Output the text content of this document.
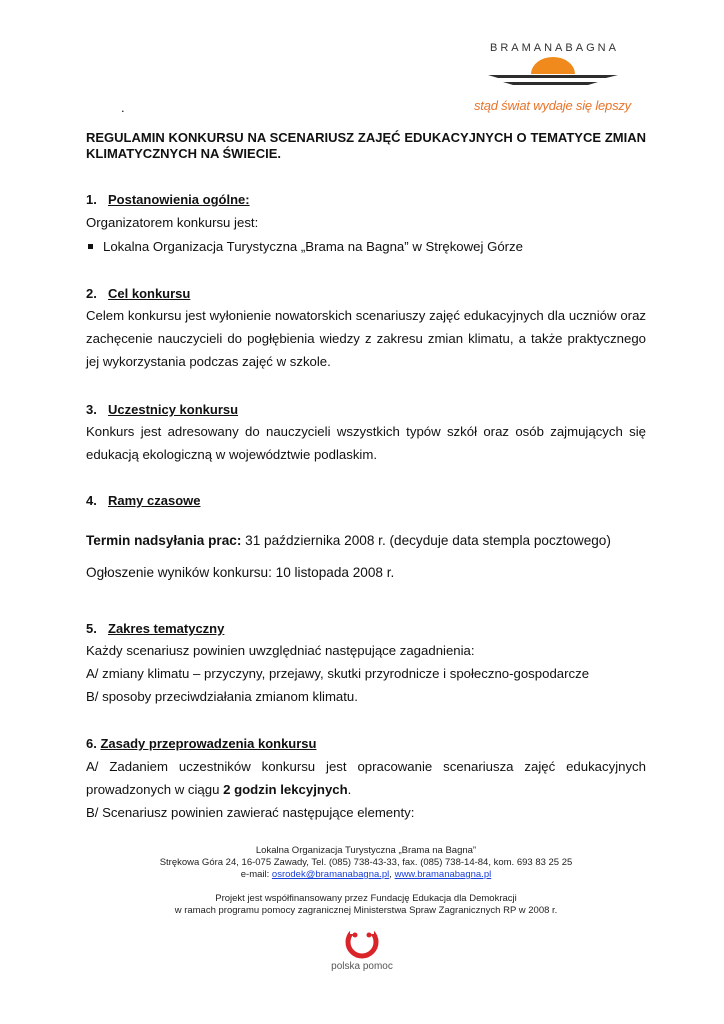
BRAMANABAGNA
stąd świat wydaje się lepszy
.
REGULAMIN KONKURSU NA SCENARIUSZ ZAJĘĆ EDUKACYJNYCH O TEMATYCE ZMIAN KLIMATYCZNYCH NA ŚWIECIE.
1. Postanowienia ogólne:
Organizatorem konkursu jest:
Lokalna Organizacja Turystyczna „Brama na Bagna” w Strękowej Górze
2. Cel konkursu
Celem konkursu jest wyłonienie nowatorskich scenariuszy zajęć edukacyjnych dla uczniów oraz zachęcenie nauczycieli do pogłębienia wiedzy z zakresu zmian klimatu, a także praktycznego jej wykorzystania podczas zajęć w szkole.
3. Uczestnicy konkursu
Konkurs jest adresowany do nauczycieli wszystkich typów szkół oraz osób zajmujących się edukacją ekologiczną w województwie podlaskim.
4. Ramy czasowe
Termin nadsyłania prac: 31 października 2008 r. (decyduje data stempla pocztowego)
Ogłoszenie wyników konkursu: 10 listopada 2008 r.
5. Zakres tematyczny
Każdy scenariusz powinien uwzględniać następujące zagadnienia:
A/ zmiany klimatu – przyczyny, przejawy, skutki przyrodnicze i społeczno-gospodarcze
B/ sposoby przeciwdziałania zmianom klimatu.
6. Zasady przeprowadzenia konkursu
A/ Zadaniem uczestników konkursu jest opracowanie scenariusza zajęć edukacyjnych prowadzonych w ciągu 2 godzin lekcyjnych.
B/ Scenariusz powinien zawierać następujące elementy:
Lokalna Organizacja Turystyczna „Brama na Bagna”
Strękowa Góra 24, 16-075 Zawady, Tel. (085) 738-43-33, fax. (085) 738-14-84, kom. 693 83 25 25
e-mail: osrodek@bramanabagna.pl, www.bramanabagna.pl
Projekt jest współfinansowany przez Fundację Edukacja dla Demokracji
w ramach programu pomocy zagranicznej Ministerstwa Spraw Zagranicznych RP w 2008 r.
polska pomoc
